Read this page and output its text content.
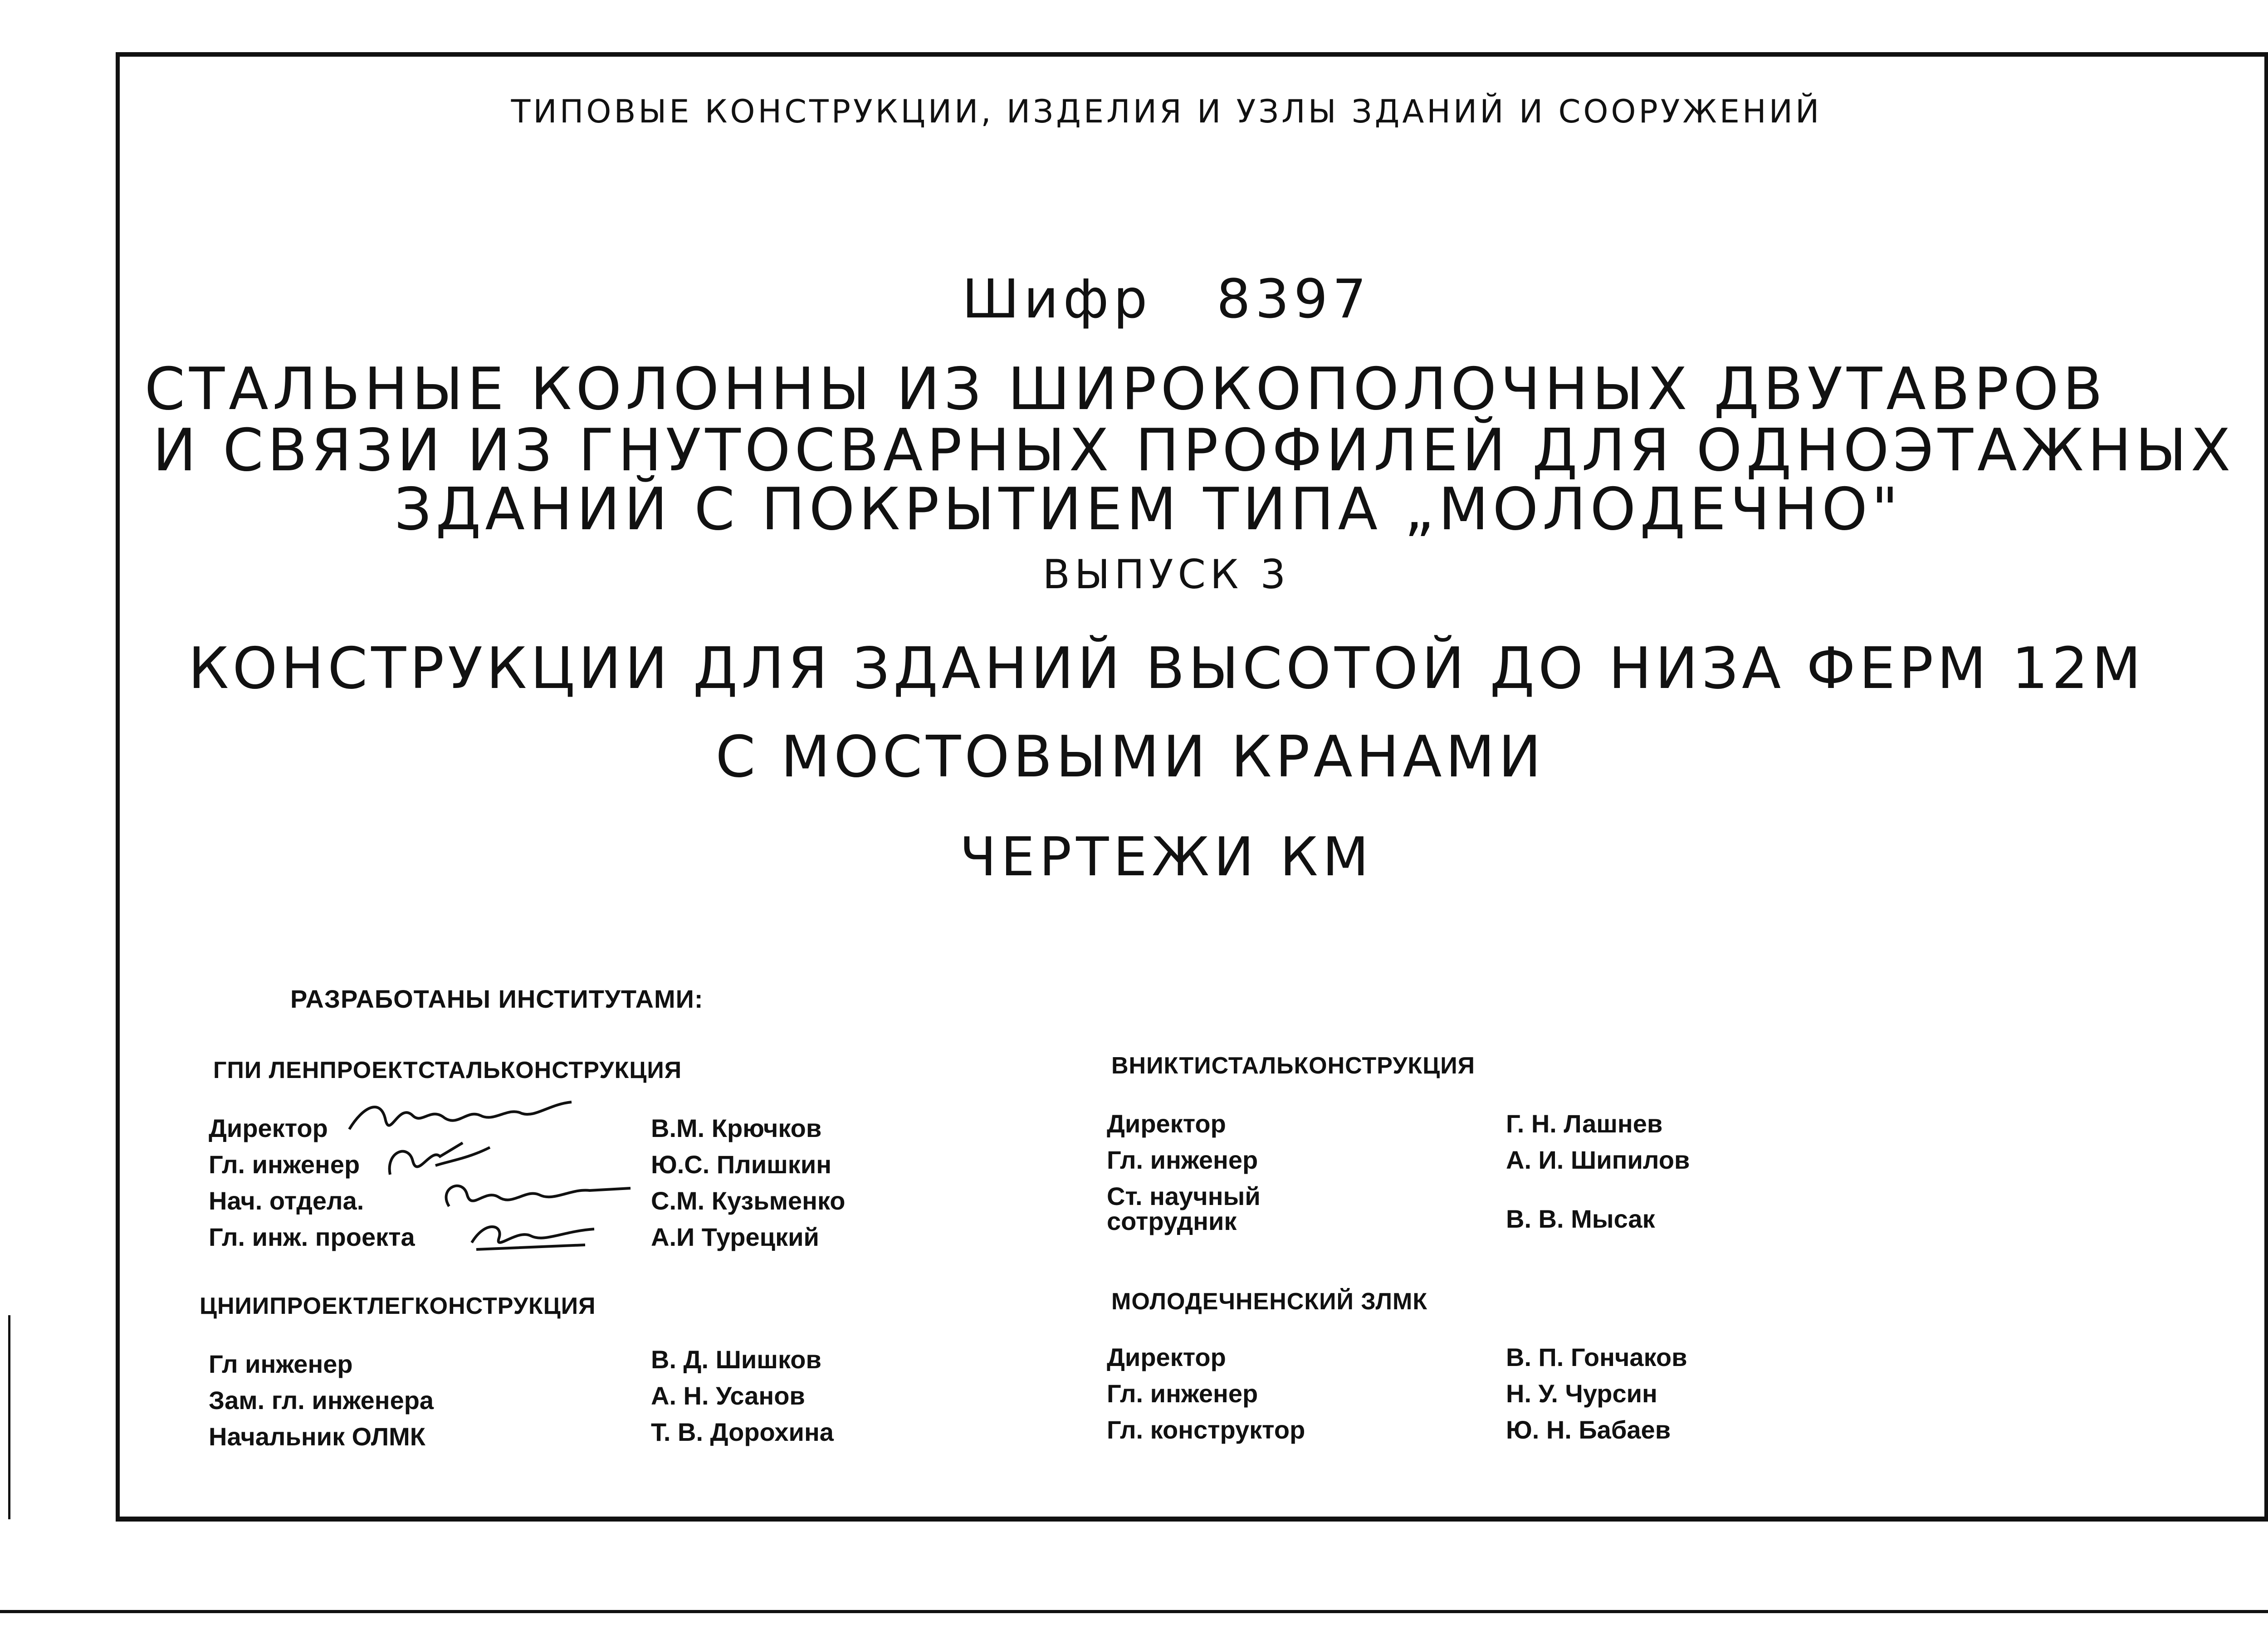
ТИПОВЫЕ КОНСТРУКЦИИ, ИЗДЕЛИЯ И УЗЛЫ ЗДАНИЙ И СООРУЖЕНИЙ
Шифр   8397
СТАЛЬНЫЕ КОЛОННЫ ИЗ ШИРОКОПОЛОЧНЫХ ДВУТАВРОВ
И СВЯЗИ ИЗ ГНУТОСВАРНЫХ ПРОФИЛЕЙ ДЛЯ ОДНОЭТАЖНЫХ
ЗДАНИЙ С ПОКРЫТИЕМ ТИПА „МОЛОДЕЧНО"
ВЫПУСК 3
КОНСТРУКЦИИ ДЛЯ ЗДАНИЙ ВЫСОТОЙ ДО НИЗА ФЕРМ 12М
С МОСТОВЫМИ КРАНАМИ
ЧЕРТЕЖИ КМ
РАЗРАБОТАНЫ ИНСТИТУТАМИ:
ГПИ ЛЕНПРОЕКТСТАЛЬКОНСТРУКЦИЯ
Директор
Гл. инженер
Нач. отдела.
Гл. инж. проекта
В.М. Крючков
Ю.С. Плишкин
С.М. Кузьменко
А.И Турецкий
ЦНИИПРОЕКТЛЕГКОНСТРУКЦИЯ
Гл инженер
Зам. гл. инженера
Начальник ОЛМК
В. Д. Шишков
А. Н. Усанов
Т. В. Дорохина
ВНИКТИСТАЛЬКОНСТРУКЦИЯ
Директор
Гл. инженер
Ст. научный
сотрудник
Г. Н. Лашнев
А. И. Шипилов
В. В. Мысак
МОЛОДЕЧНЕНСКИЙ ЗЛМК
Директор
Гл. инженер
Гл. конструктор
В. П. Гончаков
Н. У. Чурсин
Ю. Н. Бабаев
